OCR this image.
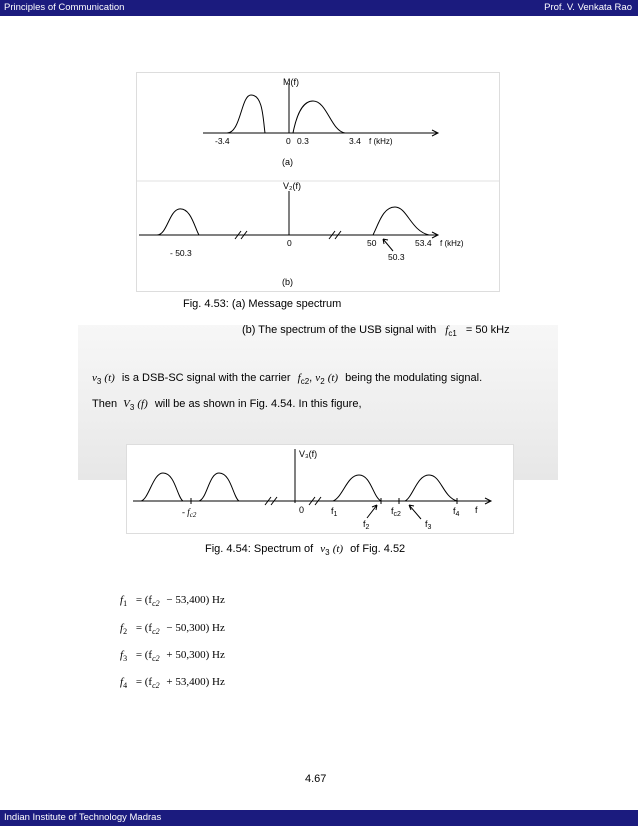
Principles of Communication	Prof. V. Venkata Rao
M(f)
-3.4	0 0.3	3.4 f (kHz)
(a)
V₂(f)
- 50.3
0	50	53.4 f (kHz)
50.3
(b)
Fig. 4.53: (a) Message spectrum
(b) The spectrum of the USB signal with $f_{c1} = 50$ kHz
$v_3$ (t) is a DSB-SC signal with the carrier $f_{c2}$, $v_2$ (t) being the modulating signal.
Then $V_3$ (f) will be as shown in Fig. 4.54. In this figure,
V₃(f)
- $f_{c2}$	0	$f_1$
$f_2$
$f_{c2}$
$f_3$
$f_4$ f
Fig. 4.54: Spectrum of $v_3$ (t) of Fig. 4.52
$f_1 = (f_{c2} - 53,400)$ Hz
$f_2 = (f_{c2} - 50,300)$ Hz
$f_3 = (f_{c2} + 50,300)$ Hz
$f_4 = (f_{c2} + 53,400)$ Hz
4.67
Indian Institute of Technology Madras
